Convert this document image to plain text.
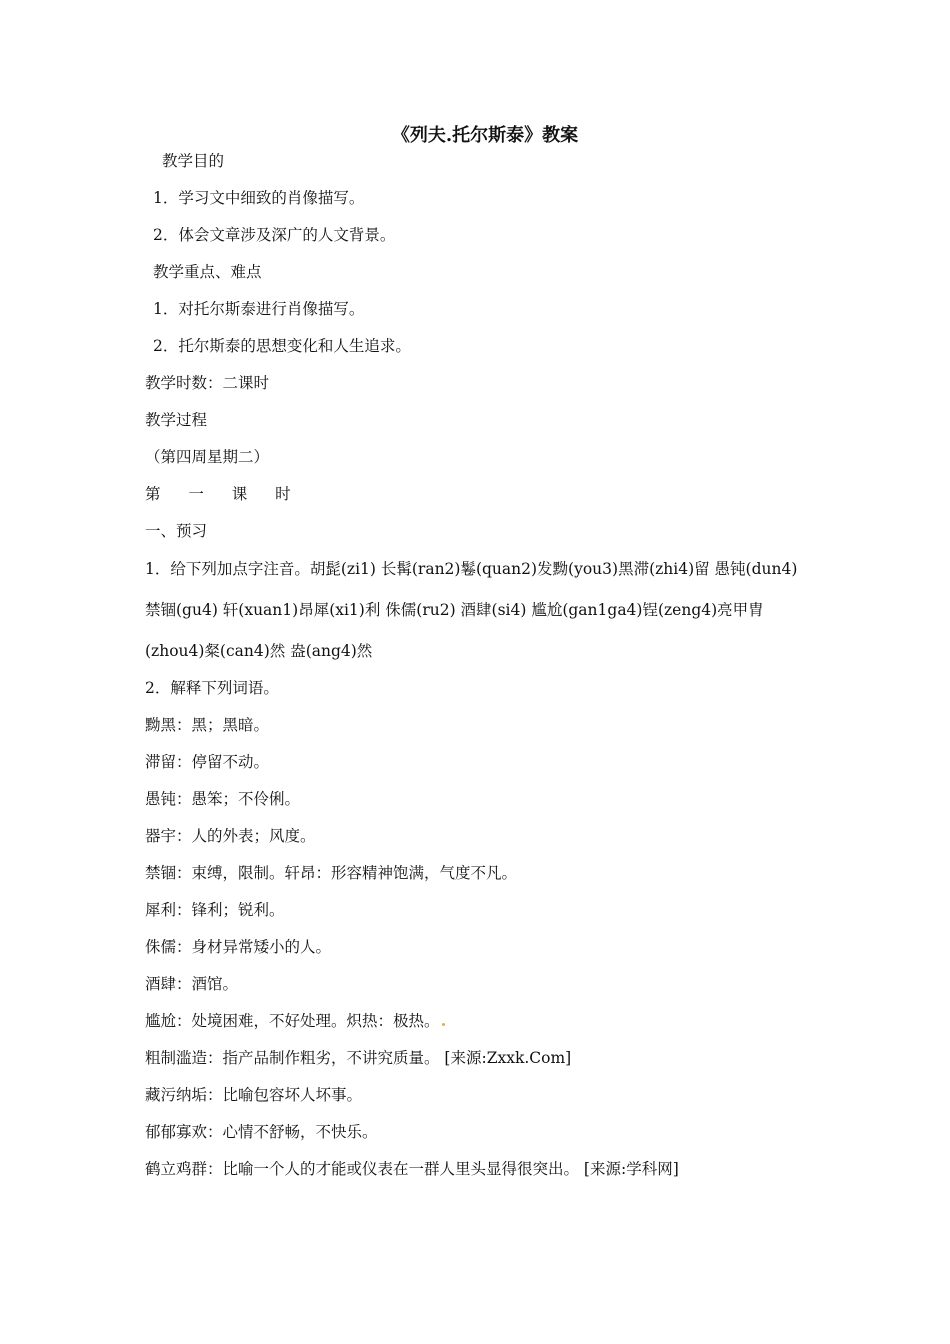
《列夫.托尔斯泰》教案
教学目的
1．学习文中细致的肖像描写。
2．体会文章涉及深广的人文背景。
教学重点、难点
1．对托尔斯泰进行肖像描写。
2．托尔斯泰的思想变化和人生追求。
教学时数：二课时
教学过程
（第四周星期二）
第 一 课 时
一、预习
1．给下列加点字注音。胡髭(zi1) 长髯(ran2)鬈(quan2)发黝(you3)黑滞(zhi4)留 愚钝(dun4)
禁锢(gu4) 轩(xuan1)昂犀(xi1)利 侏儒(ru2) 酒肆(si4) 尴尬(gan1ga4)锃(zeng4)亮甲胄
(zhou4)粲(can4)然 盎(ang4)然
2．解释下列词语。
黝黑：黑；黑暗。
滞留：停留不动。
愚钝：愚笨；不伶俐。
器宇：人的外表；风度。
禁锢：束缚，限制。轩昂：形容精神饱满，气度不凡。
犀利：锋利；锐利。
侏儒：身材异常矮小的人。
酒肆：酒馆。
尴尬：处境困难，不好处理。炽热：极热。
粗制滥造：指产品制作粗劣，不讲究质量。 [来源:Zxxk.Com]
藏污纳垢：比喻包容坏人坏事。
郁郁寡欢：心情不舒畅，不快乐。
鹤立鸡群：比喻一个人的才能或仪表在一群人里头显得很突出。 [来源:学科网]
